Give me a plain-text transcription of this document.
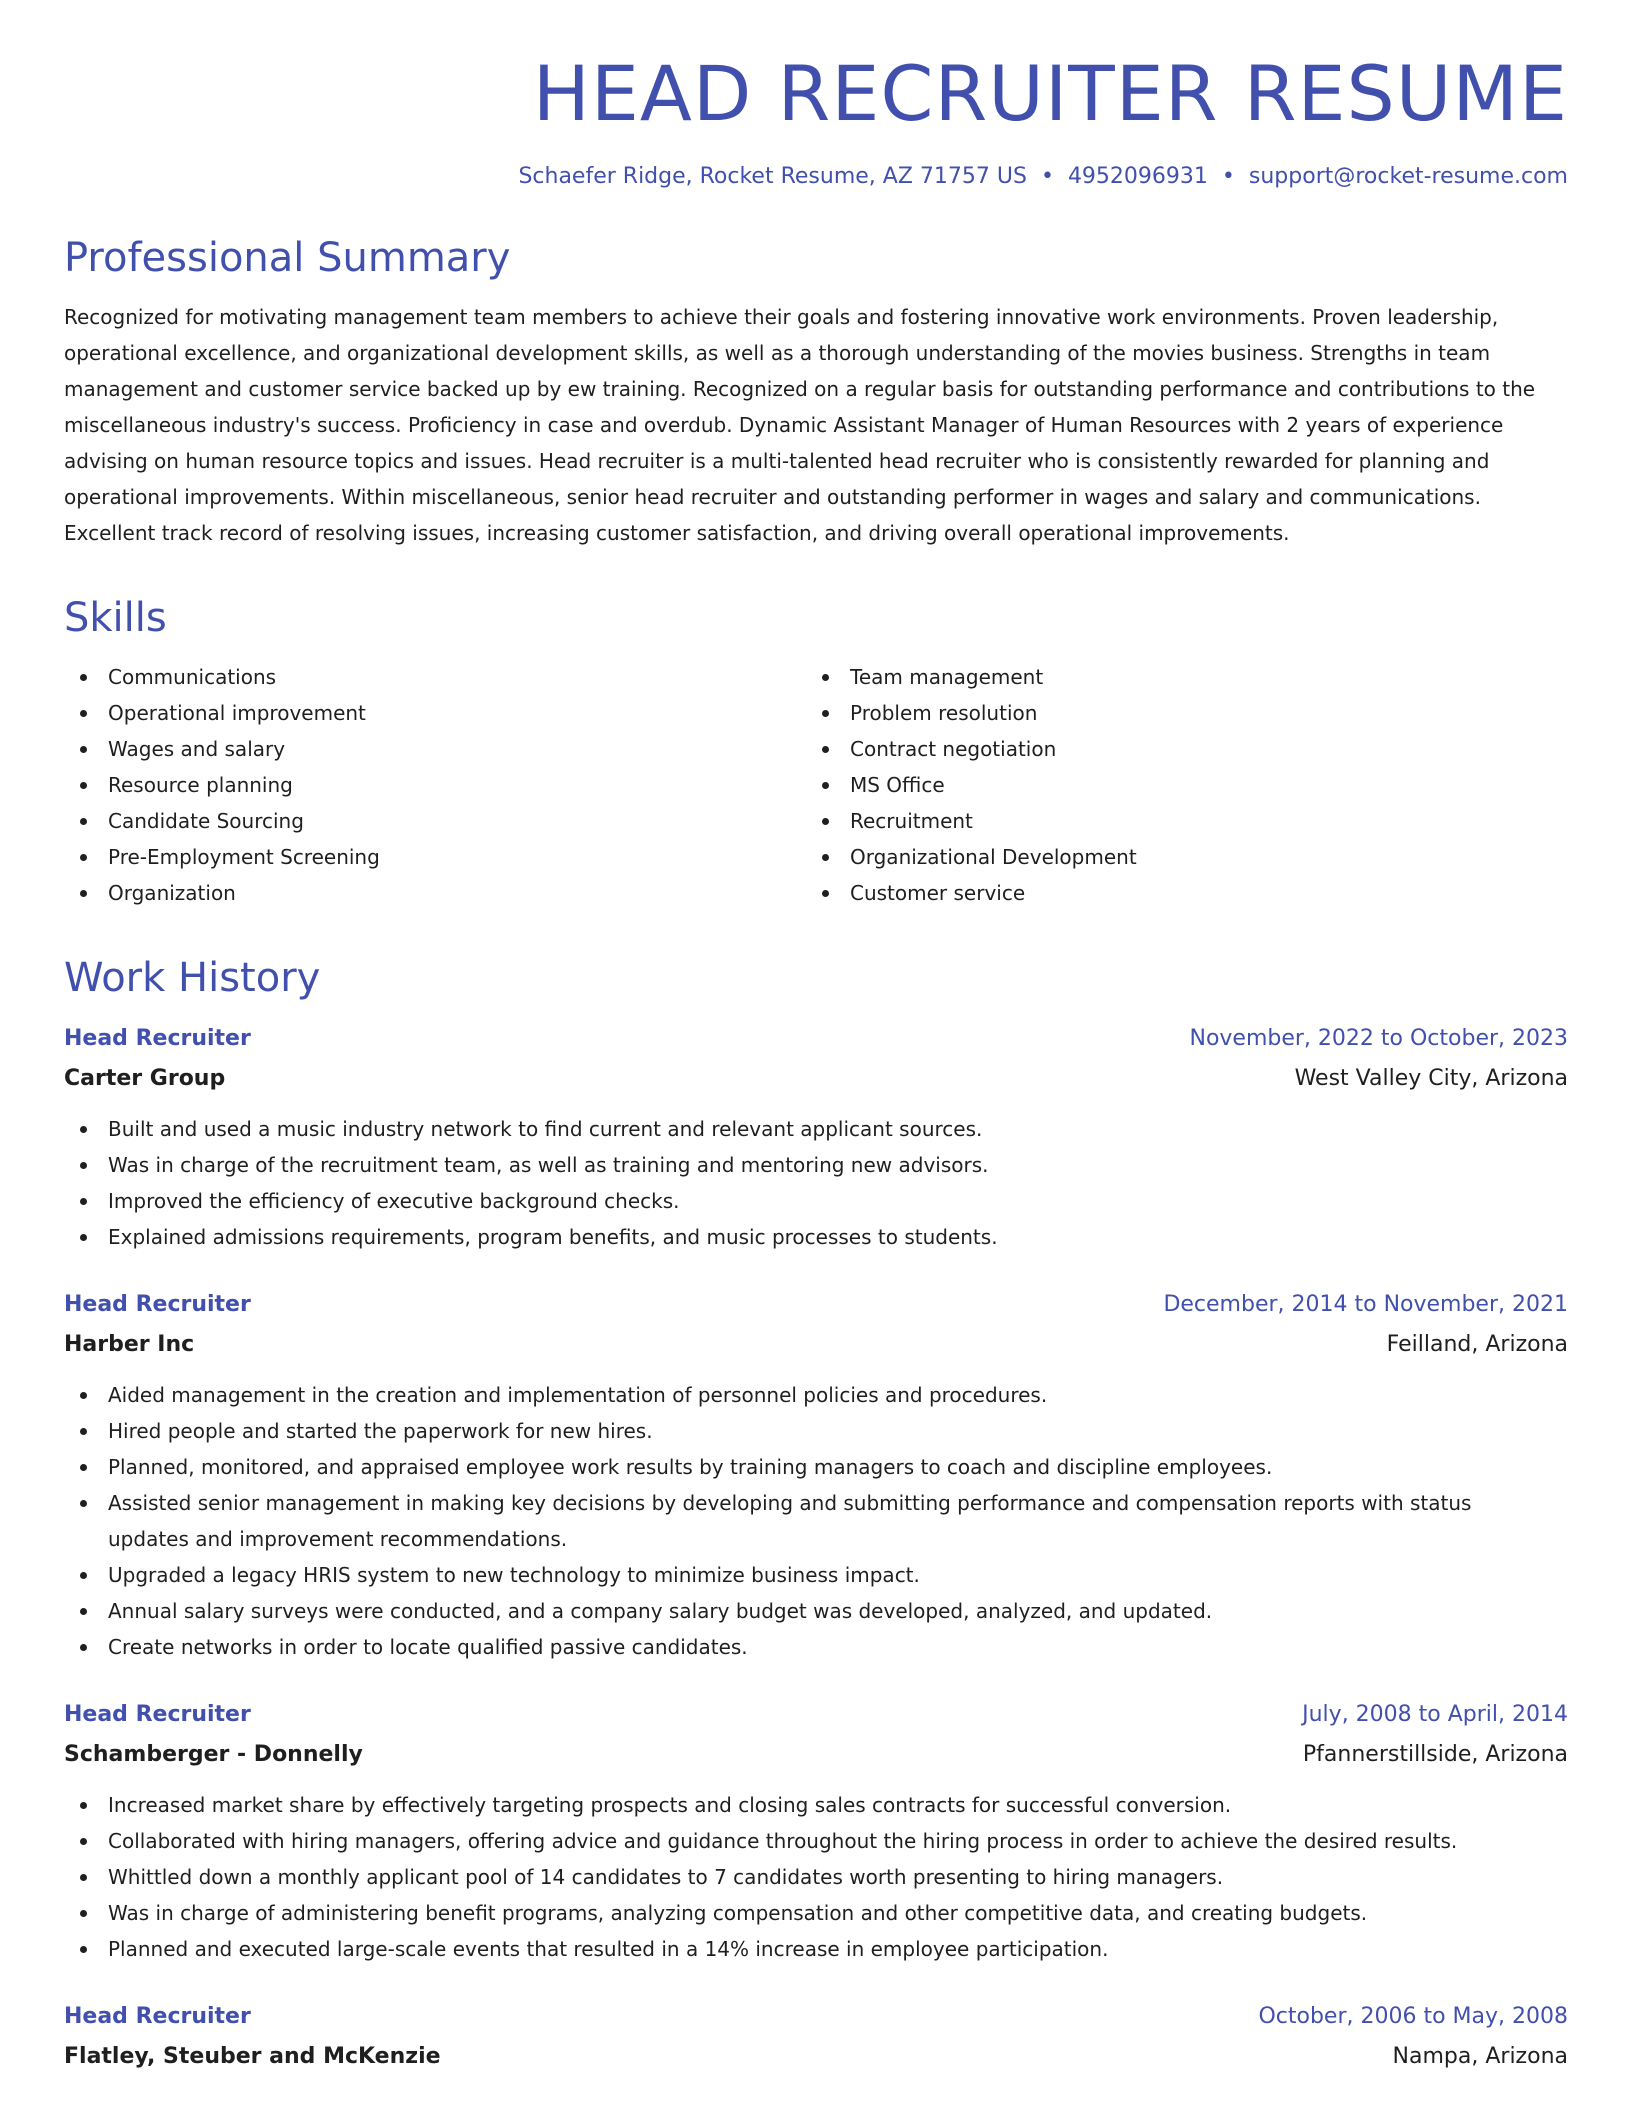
HEAD RECRUITER RESUME
Schaefer Ridge, Rocket Resume, AZ 71757 US • 4952096931 • support@rocket-resume.com
Professional Summary

Recognized for motivating management team members to achieve their goals and fostering innovative work environments. Proven leadership, operational excellence, and organizational development skills, as well as a thorough understanding of the movies business. Strengths in team management and customer service backed up by ew training. Recognized on a regular basis for outstanding performance and contributions to the miscellaneous industry's success. Proficiency in case and overdub. Dynamic Assistant Manager of Human Resources with 2 years of experience advising on human resource topics and issues. Head recruiter is a multi-talented head recruiter who is consistently rewarded for planning and operational improvements. Within miscellaneous, senior head recruiter and outstanding performer in wages and salary and communications. Excellent track record of resolving issues, increasing customer satisfaction, and driving overall operational improvements.

Skills
Communications
Operational improvement
Wages and salary
Resource planning
Candidate Sourcing
Pre-Employment Screening
Organization
Team management
Problem resolution
Contract negotiation
MS Office
Recruitment
Organizational Development
Customer service
Work History
Head Recruiter	November, 2022 to October, 2023
Carter Group	West Valley City, Arizona
Built and used a music industry network to find current and relevant applicant sources.
Was in charge of the recruitment team, as well as training and mentoring new advisors.
Improved the efficiency of executive background checks.
Explained admissions requirements, program benefits, and music processes to students.
Head Recruiter	December, 2014 to November, 2021
Harber Inc	Feilland, Arizona
Aided management in the creation and implementation of personnel policies and procedures.
Hired people and started the paperwork for new hires.
Planned, monitored, and appraised employee work results by training managers to coach and discipline employees.
Assisted senior management in making key decisions by developing and submitting performance and compensation reports with status updates and improvement recommendations.
Upgraded a legacy HRIS system to new technology to minimize business impact.
Annual salary surveys were conducted, and a company salary budget was developed, analyzed, and updated.
Create networks in order to locate qualified passive candidates.
Head Recruiter	July, 2008 to April, 2014
Schamberger - Donnelly	Pfannerstillside, Arizona
Increased market share by effectively targeting prospects and closing sales contracts for successful conversion.
Collaborated with hiring managers, offering advice and guidance throughout the hiring process in order to achieve the desired results.
Whittled down a monthly applicant pool of 14 candidates to 7 candidates worth presenting to hiring managers.
Was in charge of administering benefit programs, analyzing compensation and other competitive data, and creating budgets.
Planned and executed large-scale events that resulted in a 14% increase in employee participation.
Head Recruiter	October, 2006 to May, 2008
Flatley, Steuber and McKenzie	Nampa, Arizona
